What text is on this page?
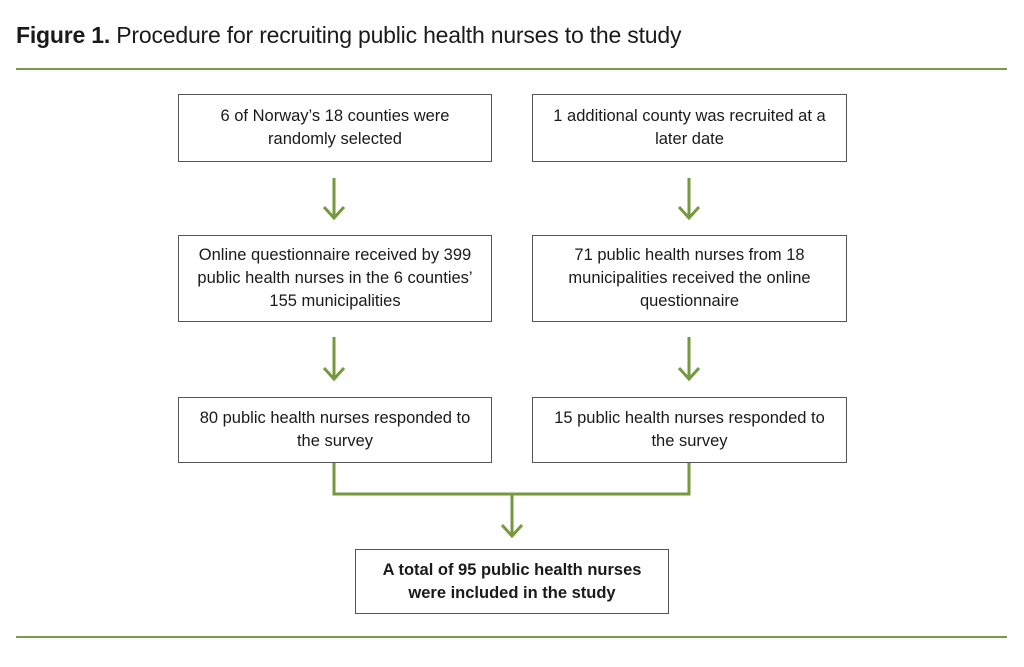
Figure 1. Procedure for recruiting public health nurses to the study
6 of Norway’s 18 counties were randomly selected
1 additional county was recruited at a later date
Online questionnaire received by 399 public health nurses in the 6 counties’ 155 municipalities
71 public health nurses from 18 municipalities received the online questionnaire
80 public health nurses responded to the survey
15 public health nurses responded to the survey
A total of 95 public health nurses were included in the study
